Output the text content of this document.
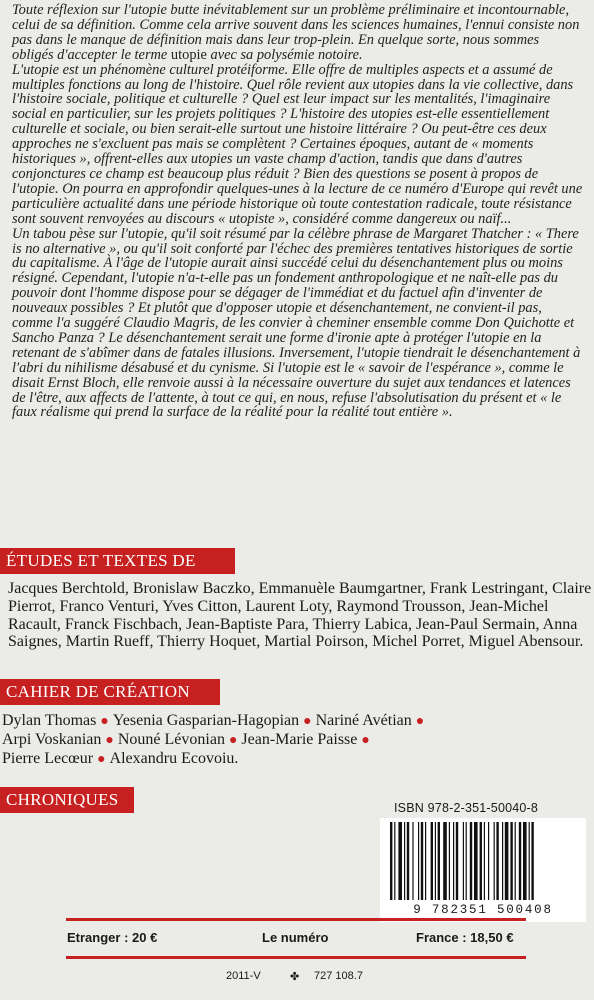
Toute réflexion sur l'utopie butte inévitablement sur un problème préliminaire et incontournable, celui de sa définition. Comme cela arrive souvent dans les sciences humaines, l'ennui consiste non pas dans le manque de définition mais dans leur trop-plein. En quelque sorte, nous sommes obligés d'accepter le terme utopie avec sa polysémie notoire.

L'utopie est un phénomène culturel protéiforme. Elle offre de multiples aspects et a assumé de multiples fonctions au long de l'histoire. Quel rôle revient aux utopies dans la vie collective, dans l'histoire sociale, politique et culturelle ? Quel est leur impact sur les mentalités, l'imaginaire social en particulier, sur les projets politiques ? L'histoire des utopies est-elle essentiellement culturelle et sociale, ou bien serait-elle surtout une histoire littéraire ? Ou peut-être ces deux approches ne s'excluent pas mais se complètent ? Certaines époques, autant de « moments historiques », offrent-elles aux utopies un vaste champ d'action, tandis que dans d'autres conjonctures ce champ est beaucoup plus réduit ? Bien des questions se posent à propos de l'utopie. On pourra en approfondir quelques-unes à la lecture de ce numéro d'Europe qui revêt une particulière actualité dans une période historique où toute contestation radicale, toute résistance sont souvent renvoyées au discours « utopiste », considéré comme dangereux ou naïf...

Un tabou pèse sur l'utopie, qu'il soit résumé par la célèbre phrase de Margaret Thatcher : « There is no alternative », ou qu'il soit conforté par l'échec des premières tentatives historiques de sortie du capitalisme. À l'âge de l'utopie aurait ainsi succédé celui du désenchantement plus ou moins résigné. Cependant, l'utopie n'a-t-elle pas un fondement anthropologique et ne naît-elle pas du pouvoir dont l'homme dispose pour se dégager de l'immédiat et du factuel afin d'inventer de nouveaux possibles ? Et plutôt que d'opposer utopie et désenchantement, ne convient-il pas, comme l'a suggéré Claudio Magris, de les convier à cheminer ensemble comme Don Quichotte et Sancho Panza ? Le désenchantement serait une forme d'ironie apte à protéger l'utopie en la retenant de s'abîmer dans de fatales illusions. Inversement, l'utopie tiendrait le désenchantement à l'abri du nihilisme désabusé et du cynisme. Si l'utopie est le « savoir de l'espérance », comme le disait Ernst Bloch, elle renvoie aussi à la nécessaire ouverture du sujet aux tendances et latences de l'être, aux affects de l'attente, à tout ce qui, en nous, refuse l'absolutisation du présent et « le faux réalisme qui prend la surface de la réalité pour la réalité tout entière ».

ÉTUDES ET TEXTES DE
Jacques Berchtold, Bronislaw Baczko, Emmanuèle Baumgartner, Frank Lestringant, Claire Pierrot, Franco Venturi, Yves Citton, Laurent Loty, Raymond Trousson, Jean-Michel Racault, Franck Fischbach, Jean-Baptiste Para, Thierry Labica, Jean-Paul Sermain, Anna Saignes, Martin Rueff, Thierry Hoquet, Martial Poirson, Michel Porret, Miguel Abensour.
CAHIER DE CRÉATION
Dylan Thomas ● Yesenia Gasparian-Hagopian ● Nariné Avétian ●
Arpi Voskanian ● Nouné Lévonian ● Jean-Marie Paisse ●
Pierre Lecœur ● Alexandru Ecovoiu.
CHRONIQUES	ISBN 978-2-351-50040-8
9 782351 500408
Etranger : 20 €	Le numéro	France : 18,50 €
2011-V	✤ 727 108.7
